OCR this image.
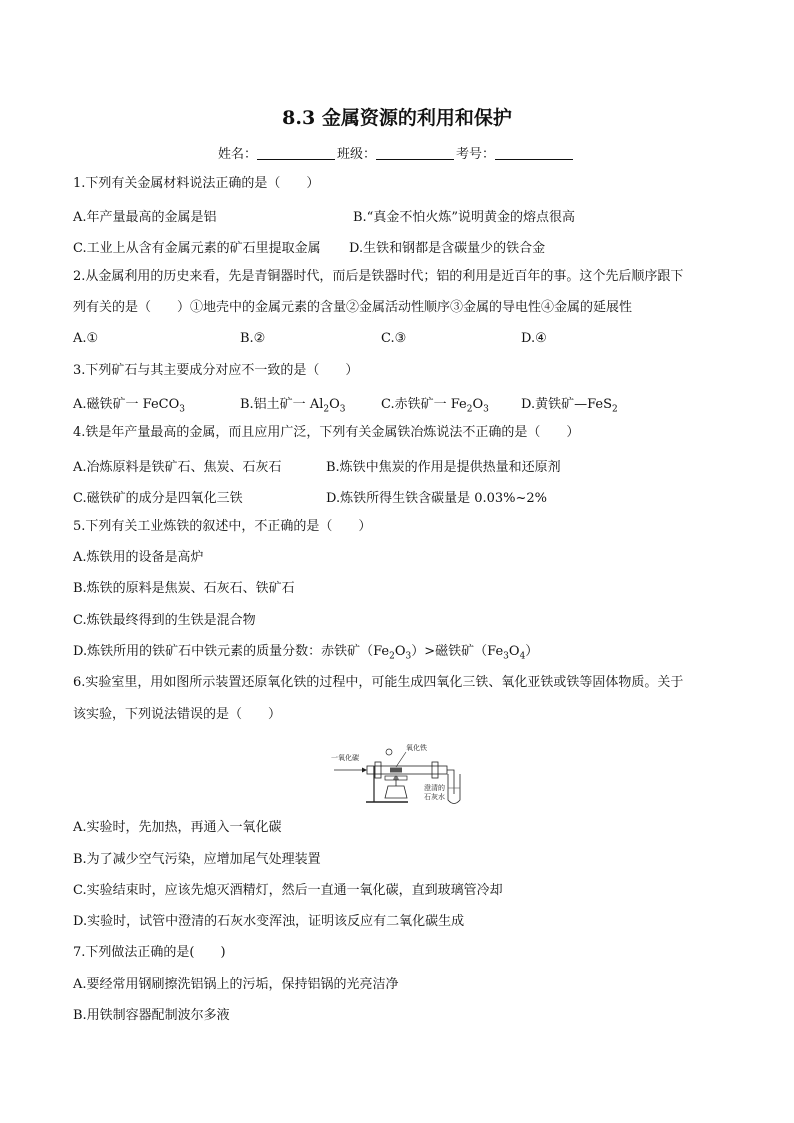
8.3 金属资源的利用和保护
姓名：	班级：	考号：
1.下列有关金属材料说法正确的是（　　）
A.年产量最高的金属是铝	B.“真金不怕火炼”说明黄金的熔点很高
C.工业上从含有金属元素的矿石里提取金属 D.生铁和钢都是含碳量少的铁合金
2.从金属利用的历史来看，先是青铜器时代，而后是铁器时代；铝的利用是近百年的事。这个先后顺序跟下
列有关的是（　　）①地壳中的金属元素的含量②金属活动性顺序③金属的导电性④金属的延展性
A.①	B.②	C.③	D.④
3.下列矿石与其主要成分对应不一致的是（　　）
A.磁铁矿一 FeCO$_3$	B.铝土矿一 $Al_2O_3$	C.赤铁矿一 $Fe_2O_3$ D.黄铁矿—FeS$_2$
4.铁是年产量最高的金属，而且应用广泛，下列有关金属铁冶炼说法不正确的是（　　）
A.冶炼原料是铁矿石、焦炭、石灰石	B.炼铁中焦炭的作用是提供热量和还原剂
C.磁铁矿的成分是四氧化三铁	D.炼铁所得生铁含碳量是 0.03%~2%
5.下列有关工业炼铁的叙述中，不正确的是（　　）
A.炼铁用的设备是高炉
B.炼铁的原料是焦炭、石灰石、铁矿石
C.炼铁最终得到的生铁是混合物
D.炼铁所用的铁矿石中铁元素的质量分数：赤铁矿$(Fe_2O_3)>$磁铁矿$(Fe_3O_4)$
6.实验室里，用如图所示装置还原氧化铁的过程中，可能生成四氧化三铁、氧化亚铁或铁等固体物质。关于
该实验，下列说法错误的是（　　）
一氧化碳
氧化铁
澄清的
石灰水
A.实验时，先加热，再通入一氧化碳
B.为了减少空气污染，应增加尾气处理装置
C.实验结束时，应该先熄灭酒精灯，然后一直通一氧化碳，直到玻璃管冷却
D.实验时，试管中澄清的石灰水变浑浊，证明该反应有二氧化碳生成
7.下列做法正确的是(　　)
A.要经常用钢刷擦洗铝锅上的污垢，保持铝锅的光亮洁净
B.用铁制容器配制波尔多液
